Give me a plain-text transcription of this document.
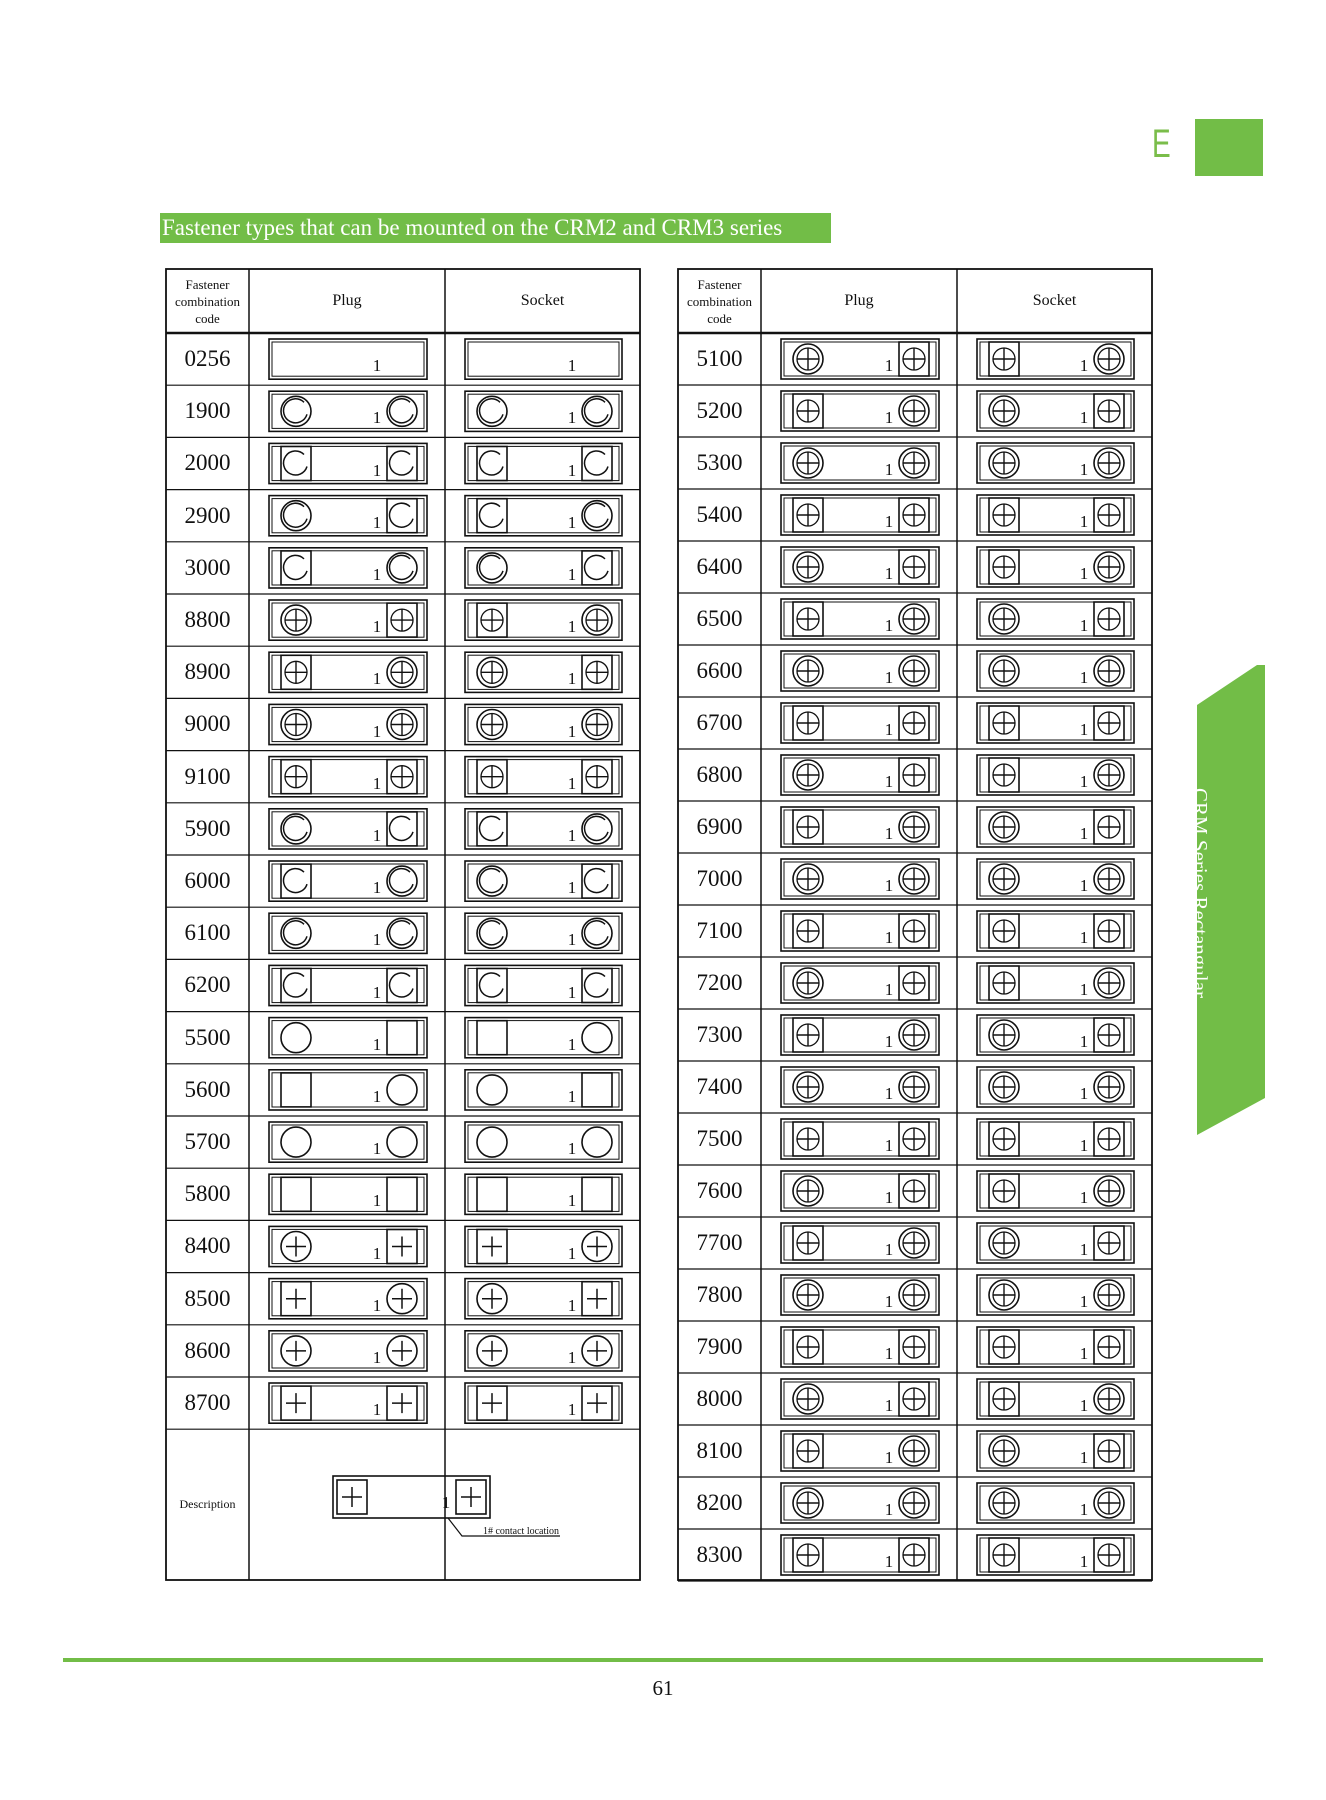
E
Fastener types that can be mounted on the CRM2 and CRM3 series
CRM Series Rectangular
Electrical Connectors
Fastener combination code
Plug	Socket
Fastener combination code
Plug	Socket
0256	1	1
1900	1	1
2000	1	1
2900	1	1
3000	1	1
8800	1	1
8900	1	1
9000	1	1
9100	1	1
5900	1	1
6000	1	1
6100	1	1
6200	1	1
5500	1	1
5600	1	1
5700	1	1
5800	1	1
8400	1	1
8500	1	1
8600	1	1
8700	1	1
5100	1	1
5200	1	1
5300	1	1
5400	1	1
6400	1	1
6500	1	1
6600	1	1
6700	1	1
6800	1	1
6900	1	1
7000	1	1
7100	1	1
7200	1	1
7300	1	1
7400	1	1
7500	1	1
7600	1	1
7700	1	1
7800	1	1
7900	1	1
8000	1	1
8100	1	1
8200	1	1
8300	1	1
Description	1
1# contact location
61
